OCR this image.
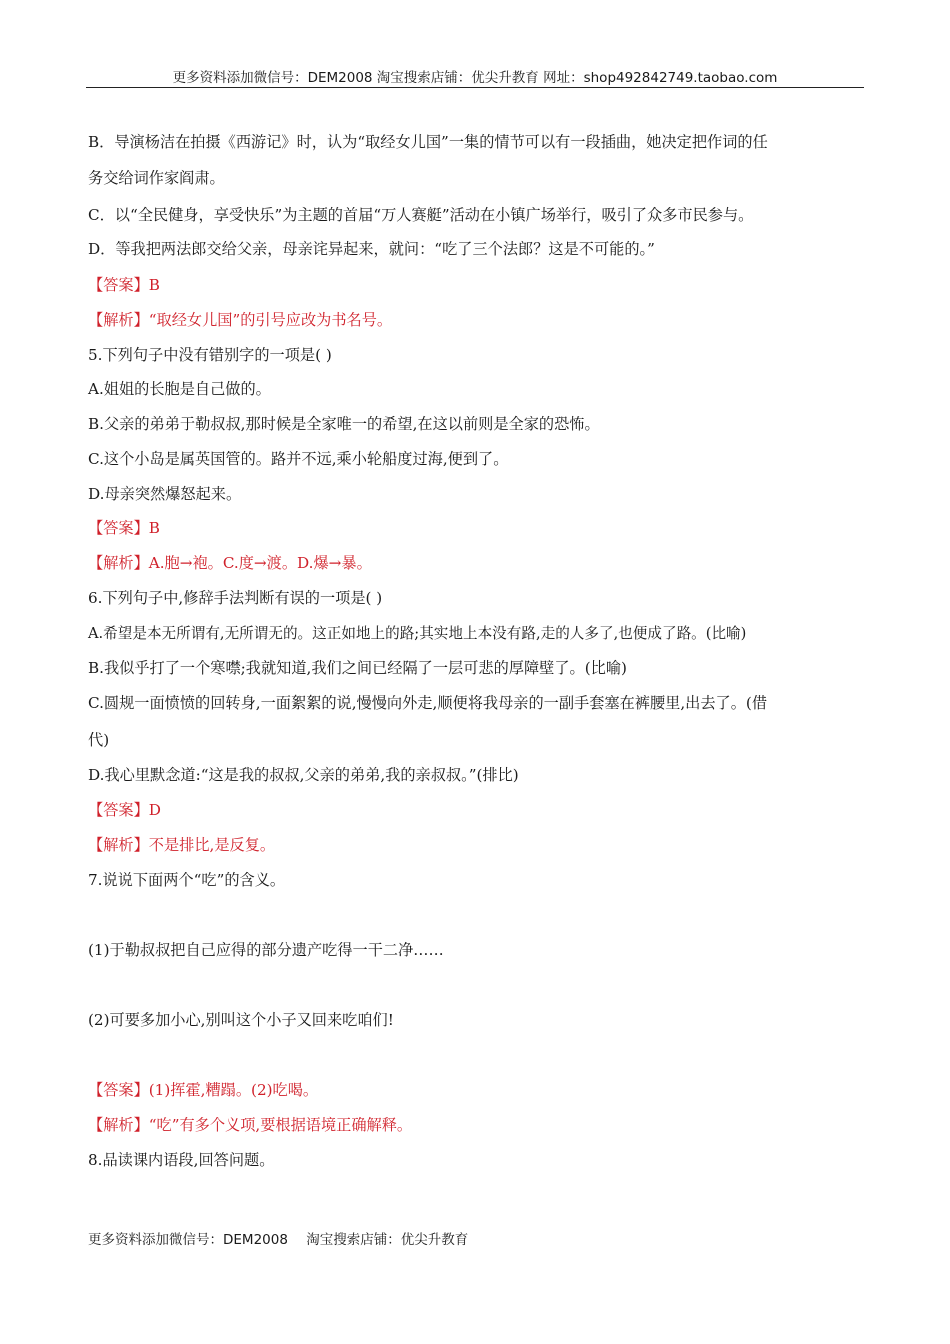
更多资料添加微信号：DEM2008 淘宝搜索店铺：优尖升教育 网址：shop492842749.taobao.com
B．导演杨洁在拍摄《西游记》时，认为“取经女儿国”一集的情节可以有一段插曲，她决定把作词的任
务交给词作家阎肃。
C．以“全民健身，享受快乐”为主题的首届“万人赛艇”活动在小镇广场举行，吸引了众多市民参与。
D．等我把两法郎交给父亲，母亲诧异起来，就问：“吃了三个法郎？这是不可能的。”
【答案】B
【解析】“取经女儿国”的引号应改为书名号。
5.下列句子中没有错别字的一项是( )
A.姐姐的长胞是自己做的。
B.父亲的弟弟于勒叔叔,那时候是全家唯一的希望,在这以前则是全家的恐怖。
C.这个小岛是属英国管的。路并不远,乘小轮船度过海,便到了。
D.母亲突然爆怒起来。
【答案】B
【解析】A.胞→袍。C.度→渡。D.爆→暴。
6.下列句子中,修辞手法判断有误的一项是( )
A.希望是本无所谓有,无所谓无的。这正如地上的路;其实地上本没有路,走的人多了,也便成了路。(比喻)
B.我似乎打了一个寒噤;我就知道,我们之间已经隔了一层可悲的厚障壁了。(比喻)
C.圆规一面愤愤的回转身,一面絮絮的说,慢慢向外走,顺便将我母亲的一副手套塞在裤腰里,出去了。(借
代)
D.我心里默念道:“这是我的叔叔,父亲的弟弟,我的亲叔叔。”(排比)
【答案】D
【解析】不是排比,是反复。
7.说说下面两个“吃”的含义。
(1)于勒叔叔把自己应得的部分遗产吃得一干二净……
(2)可要多加小心,别叫这个小子又回来吃咱们!
【答案】(1)挥霍,糟蹋。(2)吃喝。
【解析】“吃”有多个义项,要根据语境正确解释。
8.品读课内语段,回答问题。
更多资料添加微信号：DEM2008 淘宝搜索店铺：优尖升教育
